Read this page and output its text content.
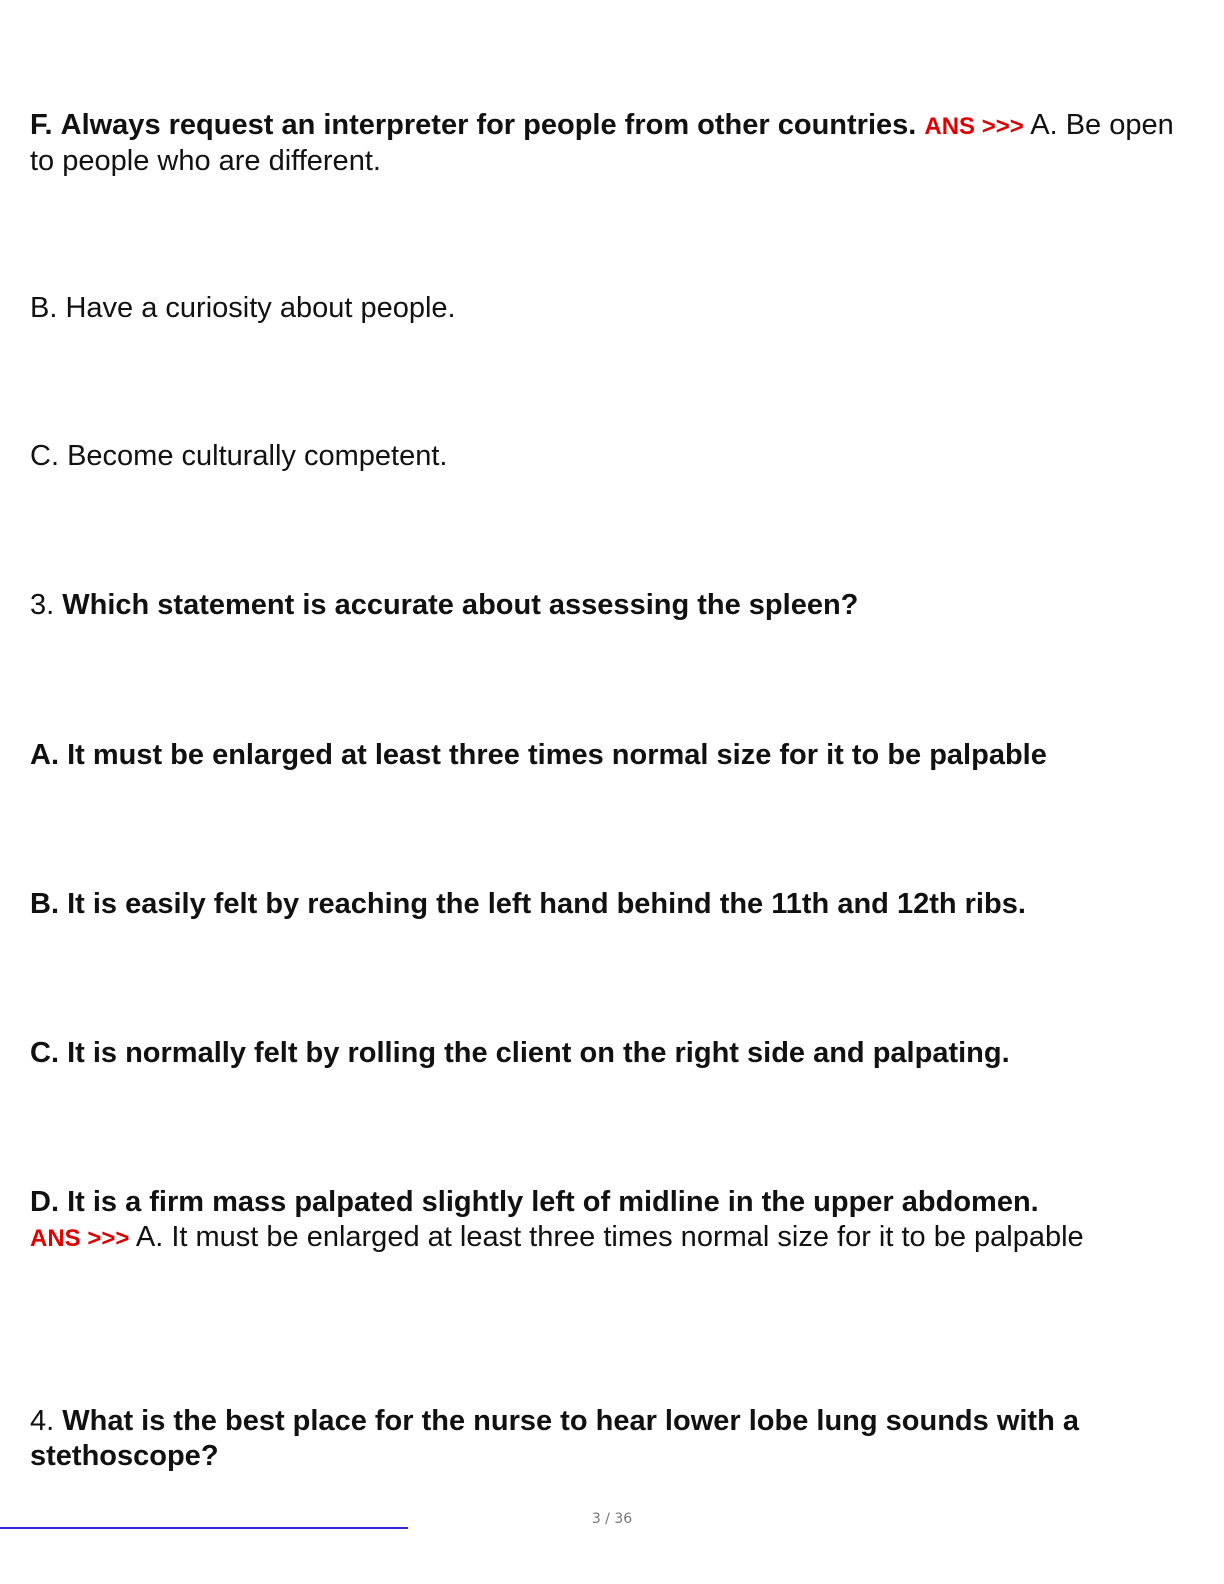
F. Always request an interpreter for people from other countries. ANS >>> A. Be open to people who are different.

B. Have a curiosity about people.

C. Become culturally competent.

3. Which statement is accurate about assessing the spleen?

A. It must be enlarged at least three times normal size for it to be palpable

B. It is easily felt by reaching the left hand behind the 11th and 12th ribs.

C. It is normally felt by rolling the client on the right side and palpating.

D. It is a firm mass palpated slightly left of midline in the upper abdomen.
ANS >>> A. It must be enlarged at least three times normal size for it to be palpable

4. What is the best place for the nurse to hear lower lobe lung sounds with a stethoscope?

3 / 36
